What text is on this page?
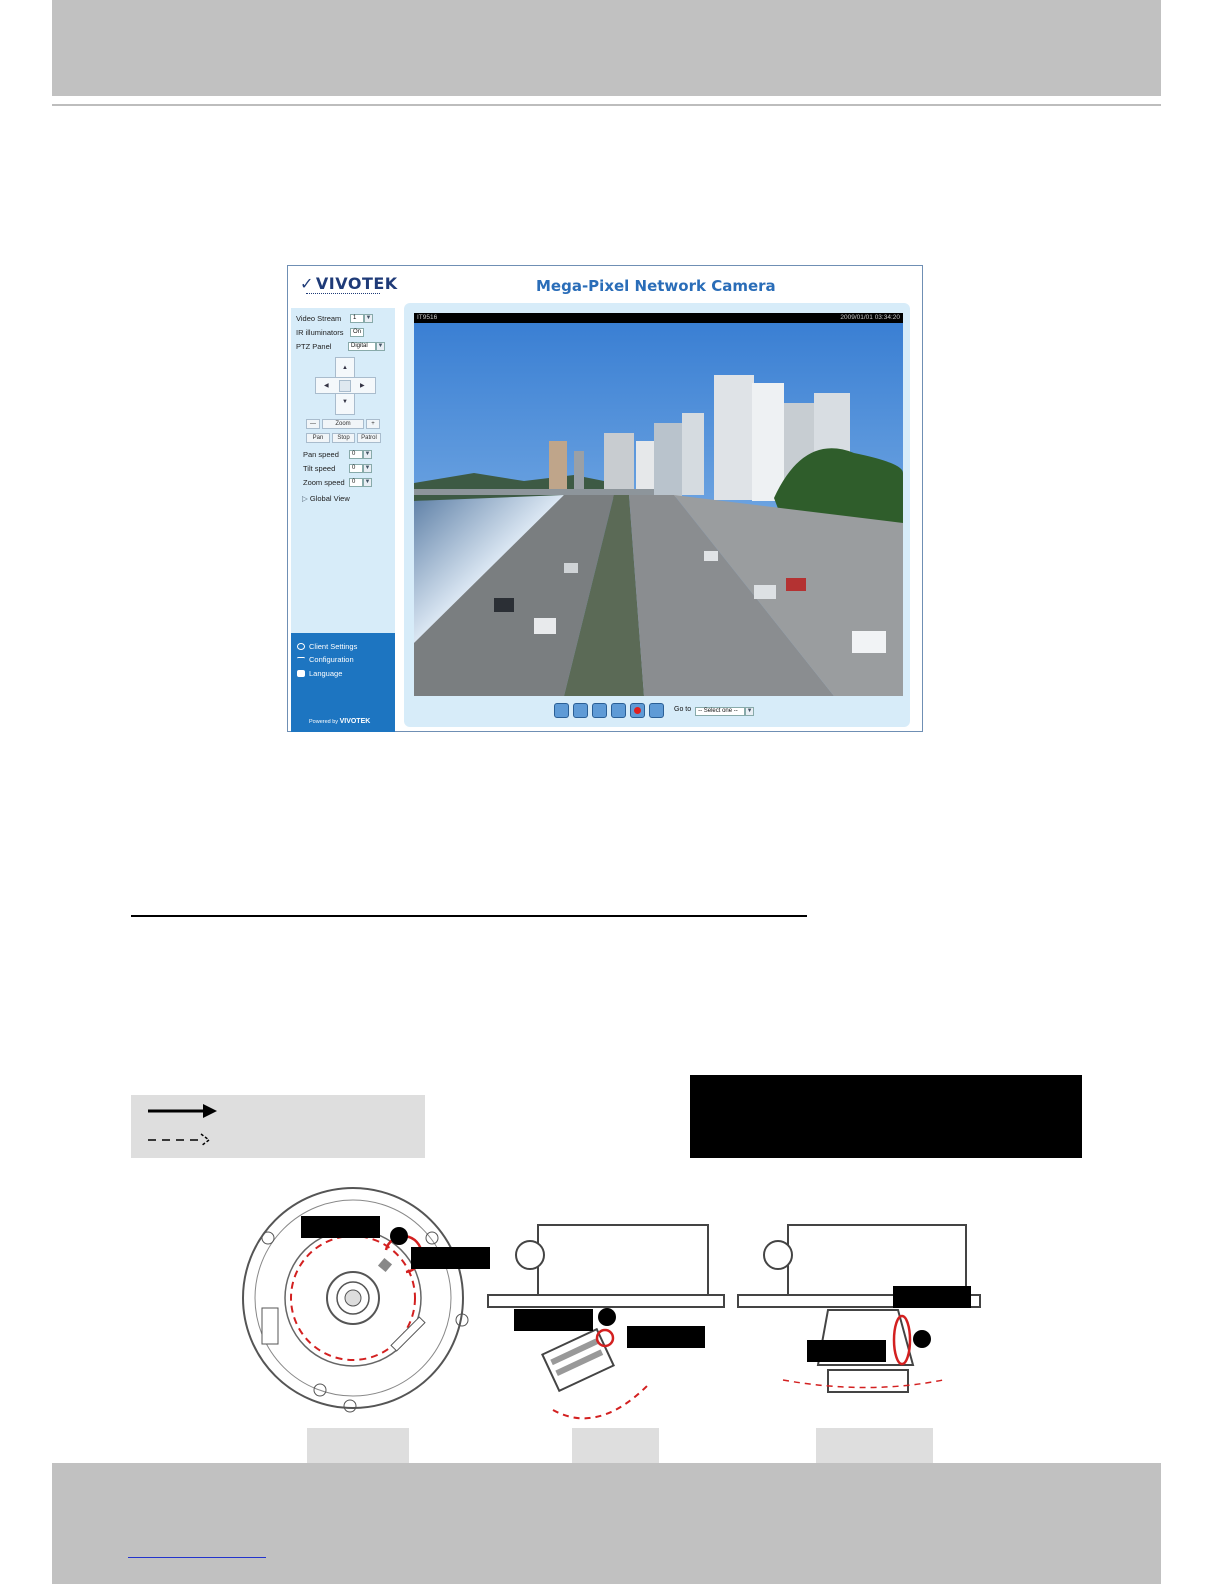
✓ VIVOTEK	Mega-Pixel Network Camera
Video Stream	1 ▼
IR illuminators	On
PTZ Panel	Digital ▼
▲
▼
◀	▶
—	Zoom	+
Pan	Stop	Patrol
Pan speed	0 ▼
Tilt speed	0 ▼
Zoom speed	0 ▼
▷ Global View
Client Settings
Configuration
Language
Powered by VIVOTEK
IT9516	2009/01/01 03:34:20
Go to -- Select one -- ▼
